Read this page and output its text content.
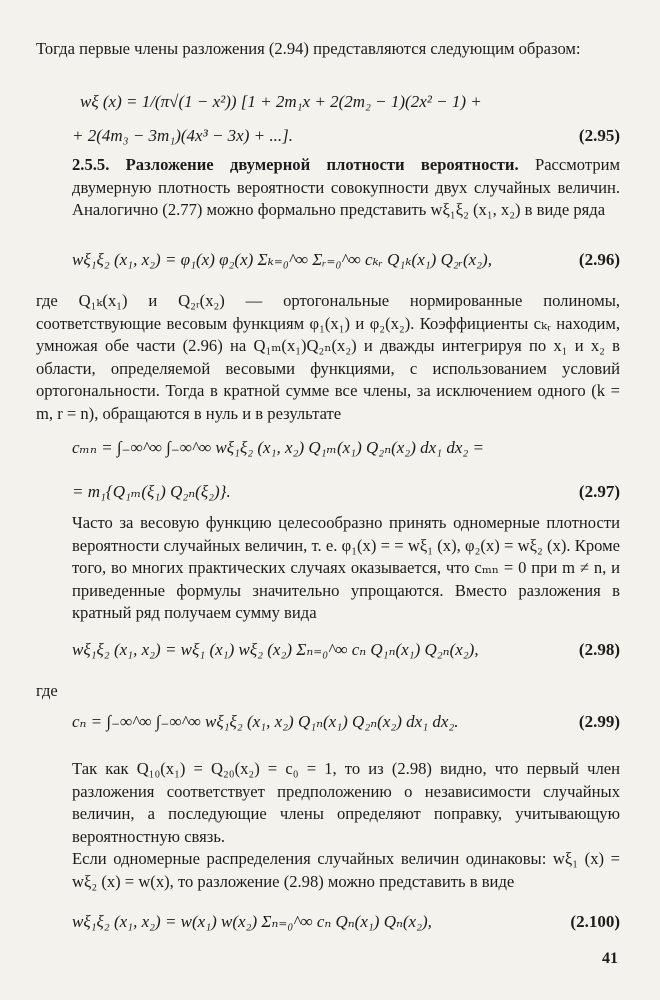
Тогда первые члены разложения (2.94) представляются следующим образом:

wξ (x) = 1/(π√(1 − x²)) [1 + 2m₁x + 2(2m₂ − 1)(2x² − 1) +
+ 2(4m₃ − 3m₁)(4x³ − 3x) + ...].	(2.95)

2.5.5. Разложение двумерной плотности вероятности. Рассмотрим двумерную плотность вероятности совокупности двух случайных величин. Аналогично (2.77) можно формально представить wξ₁ξ₂ (x₁, x₂) в виде ряда

wξ₁ξ₂ (x₁, x₂) = φ₁(x) φ₂(x) Σₖ₌₀^∞ Σᵣ₌₀^∞ cₖᵣ Q₁ₖ(x₁) Q₂ᵣ(x₂),	(2.96)

где Q₁ₖ(x₁) и Q₂ᵣ(x₂) — ортогональные нормированные полиномы, соответствующие весовым функциям φ₁(x₁) и φ₂(x₂). Коэффициенты cₖᵣ находим, умножая обе части (2.96) на Q₁ₘ(x₁)Q₂ₙ(x₂) и дважды интегрируя по x₁ и x₂ в области, определяемой весовыми функциями, с использованием условий ортогональности. Тогда в кратной сумме все члены, за исключением одного (k = m, r = n), обращаются в нуль и в результате

cₘₙ = ∫₋∞^∞ ∫₋∞^∞ wξ₁ξ₂ (x₁, x₂) Q₁ₘ(x₁) Q₂ₙ(x₂) dx₁ dx₂ =
= m₁{Q₁ₘ(ξ₁) Q₂ₙ(ξ₂)}.	(2.97)

Часто за весовую функцию целесообразно принять одномерные плотности вероятности случайных величин, т. е. φ₁(x) = = wξ₁ (x), φ₂(x) = wξ₂ (x). Кроме того, во многих практических случаях оказывается, что cₘₙ = 0 при m ≠ n, и приведенные формулы значительно упрощаются. Вместо разложения в кратный ряд получаем сумму вида

wξ₁ξ₂ (x₁, x₂) = wξ₁ (x₁) wξ₂ (x₂) Σₙ₌₀^∞ cₙ Q₁ₙ(x₁) Q₂ₙ(x₂),	(2.98)

где

cₙ = ∫₋∞^∞ ∫₋∞^∞ wξ₁ξ₂ (x₁, x₂) Q₁ₙ(x₁) Q₂ₙ(x₂) dx₁ dx₂.	(2.99)

Так как Q₁₀(x₁) = Q₂₀(x₂) = c₀ = 1, то из (2.98) видно, что первый член разложения соответствует предположению о независимости случайных величин, а последующие члены определяют поправку, учитывающую вероятностную связь.

Если одномерные распределения случайных величин одинаковы: wξ₁ (x) = wξ₂ (x) = w(x), то разложение (2.98) можно представить в виде

wξ₁ξ₂ (x₁, x₂) = w(x₁) w(x₂) Σₙ₌₀^∞ cₙ Qₙ(x₁) Qₙ(x₂),	(2.100)
41
